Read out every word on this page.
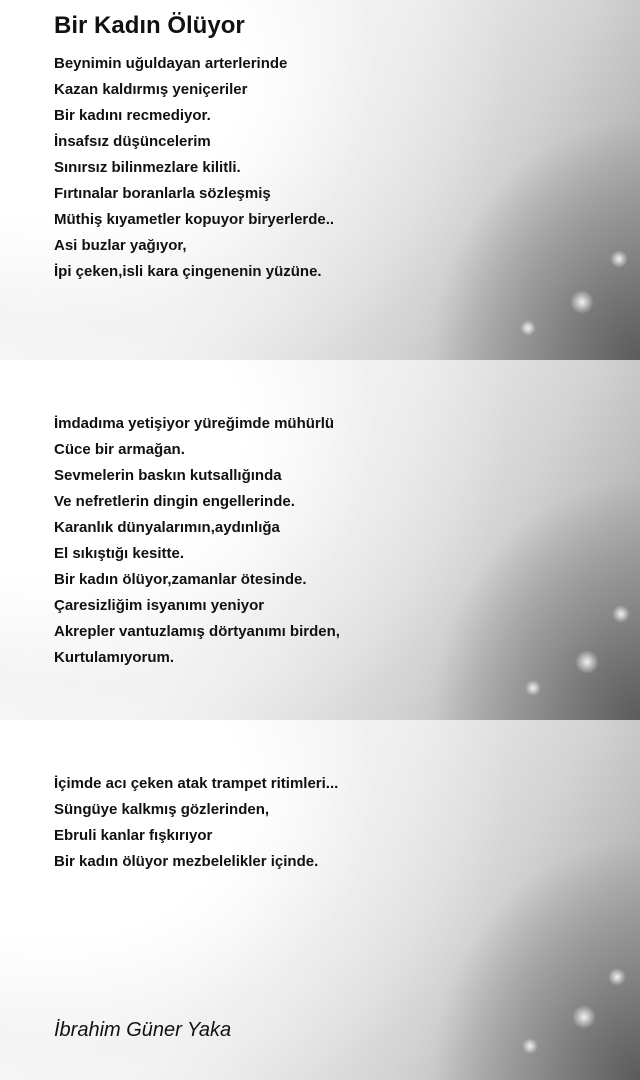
Bir Kadın Ölüyor
Beynimin uğuldayan arterlerinde
Kazan kaldırmış yeniçeriler
Bir kadını recmediyor.
İnsafsız düşüncelerim
Sınırsız bilinmezlare kilitli.
Fırtınalar boranlarla sözleşmiş
Müthiş kıyametler kopuyor biryerlerde..
Asi buzlar yağıyor,
İpi çeken,isli kara çingenenin yüzüne.
İmdadıma yetişiyor yüreğimde mühürlü
Cüce bir armağan.
Sevmelerin baskın kutsallığında
Ve nefretlerin dingin engellerinde.
Karanlık dünyalarımın,aydınlığa
El sıkıştığı kesitte.
Bir kadın ölüyor,zamanlar ötesinde.
Çaresizliğim isyanımı yeniyor
Akrepler vantuzlamış dörtyanımı birden,
Kurtulamıyorum.
İçimde acı çeken atak trampet ritimleri...
Süngüye kalkmış gözlerinden,
Ebruli kanlar fışkırıyor
Bir kadın ölüyor mezbelelikler içinde.
İbrahim Güner Yaka
